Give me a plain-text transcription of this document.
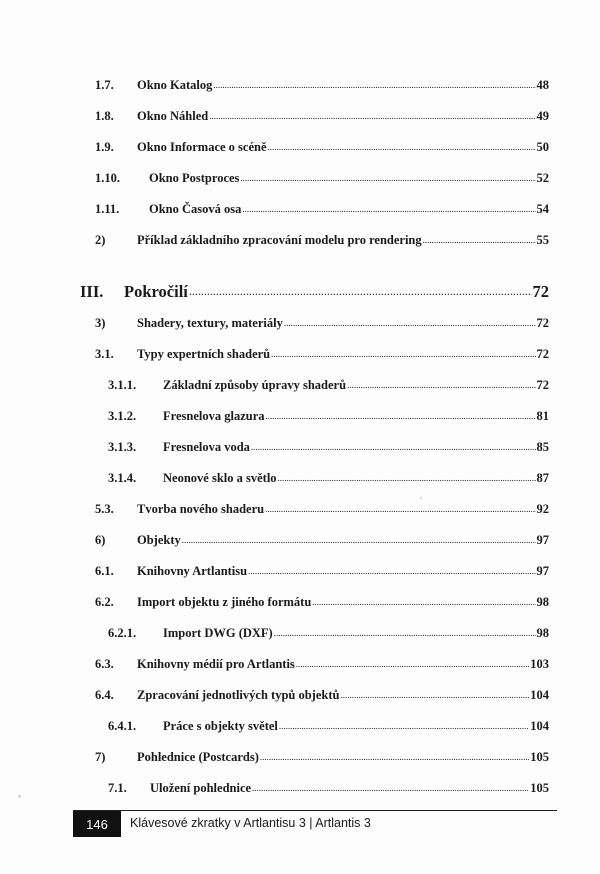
1.7.	Okno Katalog .....	48
1.8.	Okno Náhled .....	49
1.9.	Okno Informace o scéně .....	50
1.10.	Okno Postproces .....	52
1.11.	Okno Časová osa .....	54
2)	Příklad základního zpracování modelu pro rendering .....	55
III.	Pokročilí .....	72
3)	Shadery, textury, materiály .....	72
3.1.	Typy expertních shaderů .....	72
3.1.1.	Základní způsoby úpravy shaderů .....	72
3.1.2.	Fresnelova glazura .....	81
3.1.3.	Fresnelova voda .....	85
3.1.4.	Neonové sklo a světlo .....	87
5.3.	Tvorba nového shaderu .....	92
6)	Objekty .....	97
6.1.	Knihovny Artlantisu .....	97
6.2.	Import objektu z jiného formátu .....	98
6.2.1.	Import DWG (DXF) .....	98
6.3.	Knihovny médií pro Artlantis .....	103
6.4.	Zpracování jednotlivých typů objektů .....	104
6.4.1.	Práce s objekty světel .....	104
7)	Pohlednice (Postcards) .....	105
7.1.	Uložení pohlednice .....	105
146	Klávesové zkratky v Artlantisu 3 | Artlantis 3
